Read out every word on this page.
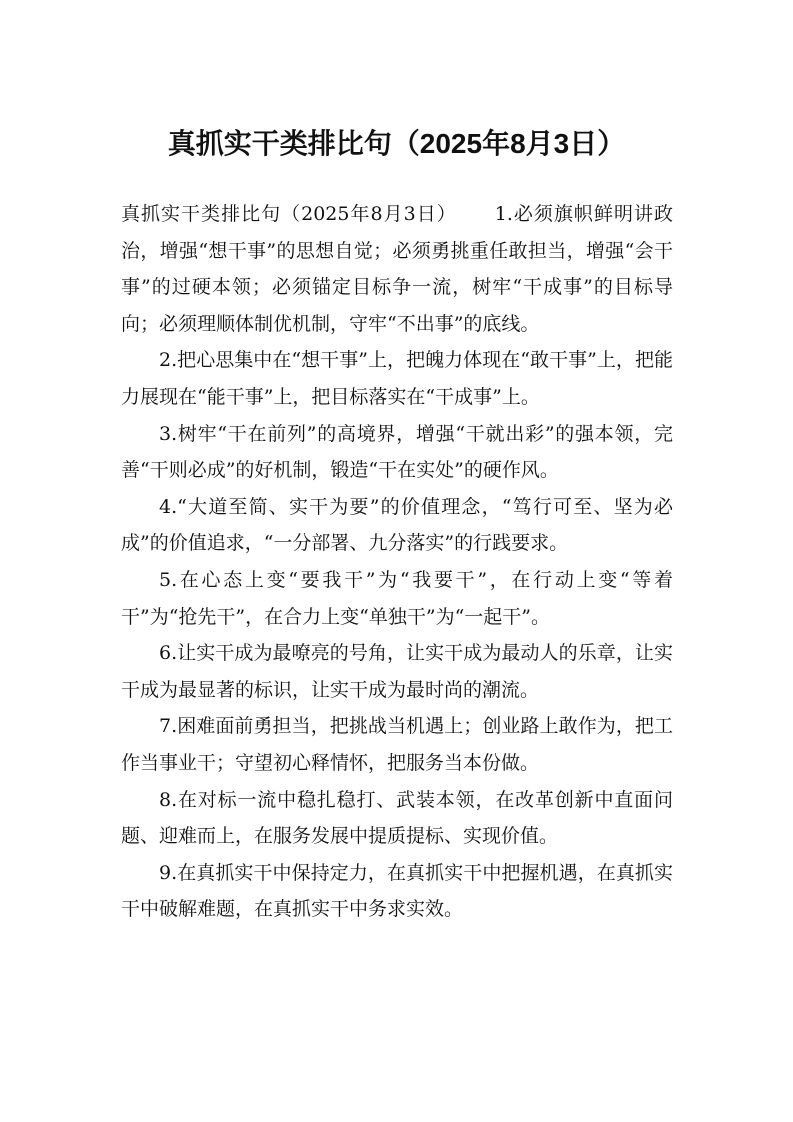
真抓实干类排比句（2025年8月3日）

真抓实干类排比句（2025年8月3日） 1.必须旗帜鲜明讲政治，增强“想干事”的思想自觉；必须勇挑重任敢担当，增强“会干事”的过硬本领；必须锚定目标争一流，树牢“干成事”的目标导向；必须理顺体制优机制，守牢“不出事”的底线。

2.把心思集中在“想干事”上，把魄力体现在“敢干事”上，把能力展现在“能干事”上，把目标落实在“干成事”上。

3.树牢“干在前列”的高境界，增强“干就出彩”的强本领，完善“干则必成”的好机制，锻造“干在实处”的硬作风。

4.“大道至简、实干为要”的价值理念，“笃行可至、坚为必成”的价值追求，“一分部署、九分落实”的行践要求。

5.在心态上变“要我干”为“我要干”，在行动上变“等着干”为“抢先干”，在合力上变“单独干”为“一起干”。

6.让实干成为最嘹亮的号角，让实干成为最动人的乐章，让实干成为最显著的标识，让实干成为最时尚的潮流。

7.困难面前勇担当，把挑战当机遇上；创业路上敢作为，把工作当事业干；守望初心释情怀，把服务当本份做。

8.在对标一流中稳扎稳打、武装本领，在改革创新中直面问题、迎难而上，在服务发展中提质提标、实现价值。

9.在真抓实干中保持定力，在真抓实干中把握机遇，在真抓实干中破解难题，在真抓实干中务求实效。
